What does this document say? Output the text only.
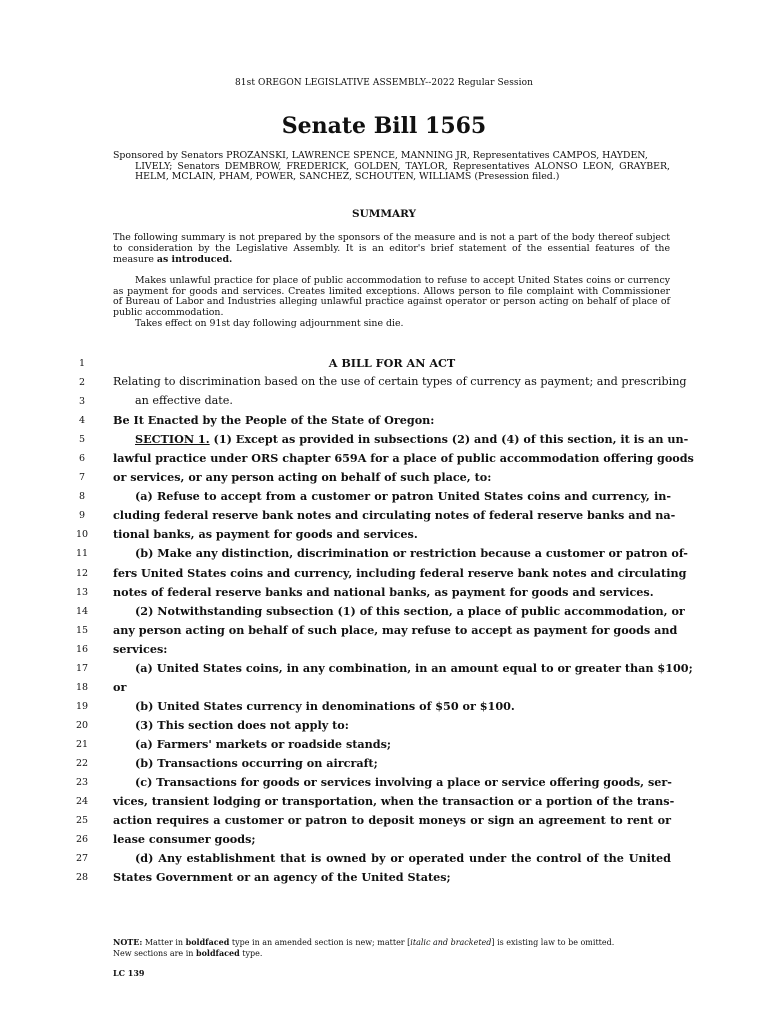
81st OREGON LEGISLATIVE ASSEMBLY--2022 Regular Session
Senate Bill 1565
Sponsored by Senators PROZANSKI, LAWRENCE SPENCE, MANNING JR, Representatives CAMPOS, HAYDEN,
LIVELY; Senators DEMBROW, FREDERICK, GOLDEN, TAYLOR, Representatives ALONSO LEON, GRAYBER, HELM, MCLAIN, PHAM, POWER, SANCHEZ, SCHOUTEN, WILLIAMS (Presession filed.)
SUMMARY
The following summary is not prepared by the sponsors of the measure and is not a part of the body thereof subject to consideration by the Legislative Assembly. It is an editor's brief statement of the essential features of the measure as introduced.

Makes unlawful practice for place of public accommodation to refuse to accept United States coins or currency as payment for goods and services. Creates limited exceptions. Allows person to file complaint with Commissioner of Bureau of Labor and Industries alleging unlawful practice against operator or person acting on behalf of place of public accommodation.

Takes effect on 91st day following adjournment sine die.

1	A BILL FOR AN ACT
2	Relating to discrimination based on the use of certain types of currency as payment; and prescribing
3	an effective date.
4	Be It Enacted by the People of the State of Oregon:
5	SECTION 1. (1) Except as provided in subsections (2) and (4) of this section, it is an un-
6	lawful practice under ORS chapter 659A for a place of public accommodation offering goods
7	or services, or any person acting on behalf of such place, to:
8	(a) Refuse to accept from a customer or patron United States coins and currency, in-
9	cluding federal reserve bank notes and circulating notes of federal reserve banks and na-
10	tional banks, as payment for goods and services.
11	(b) Make any distinction, discrimination or restriction because a customer or patron of-
12	fers United States coins and currency, including federal reserve bank notes and circulating
13	notes of federal reserve banks and national banks, as payment for goods and services.
14	(2) Notwithstanding subsection (1) of this section, a place of public accommodation, or
15	any person acting on behalf of such place, may refuse to accept as payment for goods and
16	services:
17	(a) United States coins, in any combination, in an amount equal to or greater than $100;
18	or
19	(b) United States currency in denominations of $50 or $100.
20	(3) This section does not apply to:
21	(a) Farmers' markets or roadside stands;
22	(b) Transactions occurring on aircraft;
23	(c) Transactions for goods or services involving a place or service offering goods, ser-
24	vices, transient lodging or transportation, when the transaction or a portion of the trans-
25	action requires a customer or patron to deposit moneys or sign an agreement to rent or
26	lease consumer goods;
27	(d) Any establishment that is owned by or operated under the control of the United
28	States Government or an agency of the United States;
NOTE: Matter in boldfaced type in an amended section is new; matter [italic and bracketed] is existing law to be omitted.
New sections are in boldfaced type.
LC 139
